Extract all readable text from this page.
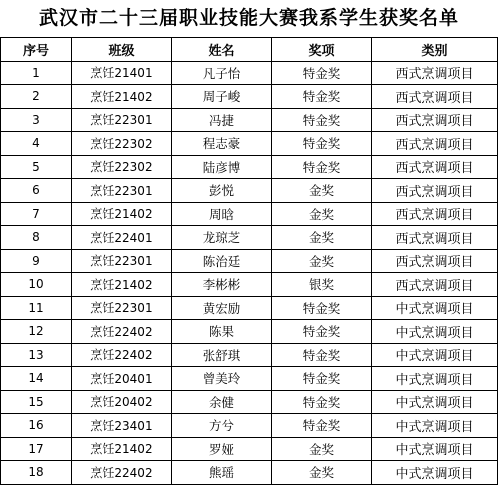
武汉市二十三届职业技能大赛我系学生获奖名单
序号	班级	姓名	奖项	类别
1	烹饪21401	凡子怡	特金奖	西式烹调项目
2	烹饪21402	周子峻	特金奖	西式烹调项目
3	烹饪22301	冯捷	特金奖	西式烹调项目
4	烹饪22302	程志豪	特金奖	西式烹调项目
5	烹饪22302	陆彦博	特金奖	西式烹调项目
6	烹饪22301	彭悦	金奖	西式烹调项目
7	烹饪21402	周晗	金奖	西式烹调项目
8	烹饪22401	龙琼芝	金奖	西式烹调项目
9	烹饪22301	陈治廷	金奖	西式烹调项目
10	烹饪21402	李彬彬	银奖	西式烹调项目
11	烹饪22301	黄宏励	特金奖	中式烹调项目
12	烹饪22402	陈果	特金奖	中式烹调项目
13	烹饪22402	张舒琪	特金奖	中式烹调项目
14	烹饪20401	曾美玲	特金奖	中式烹调项目
15	烹饪20402	余健	特金奖	中式烹调项目
16	烹饪23401	方兮	特金奖	中式烹调项目
17	烹饪21402	罗娅	金奖	中式烹调项目
18	烹饪22402	熊瑶	金奖	中式烹调项目
